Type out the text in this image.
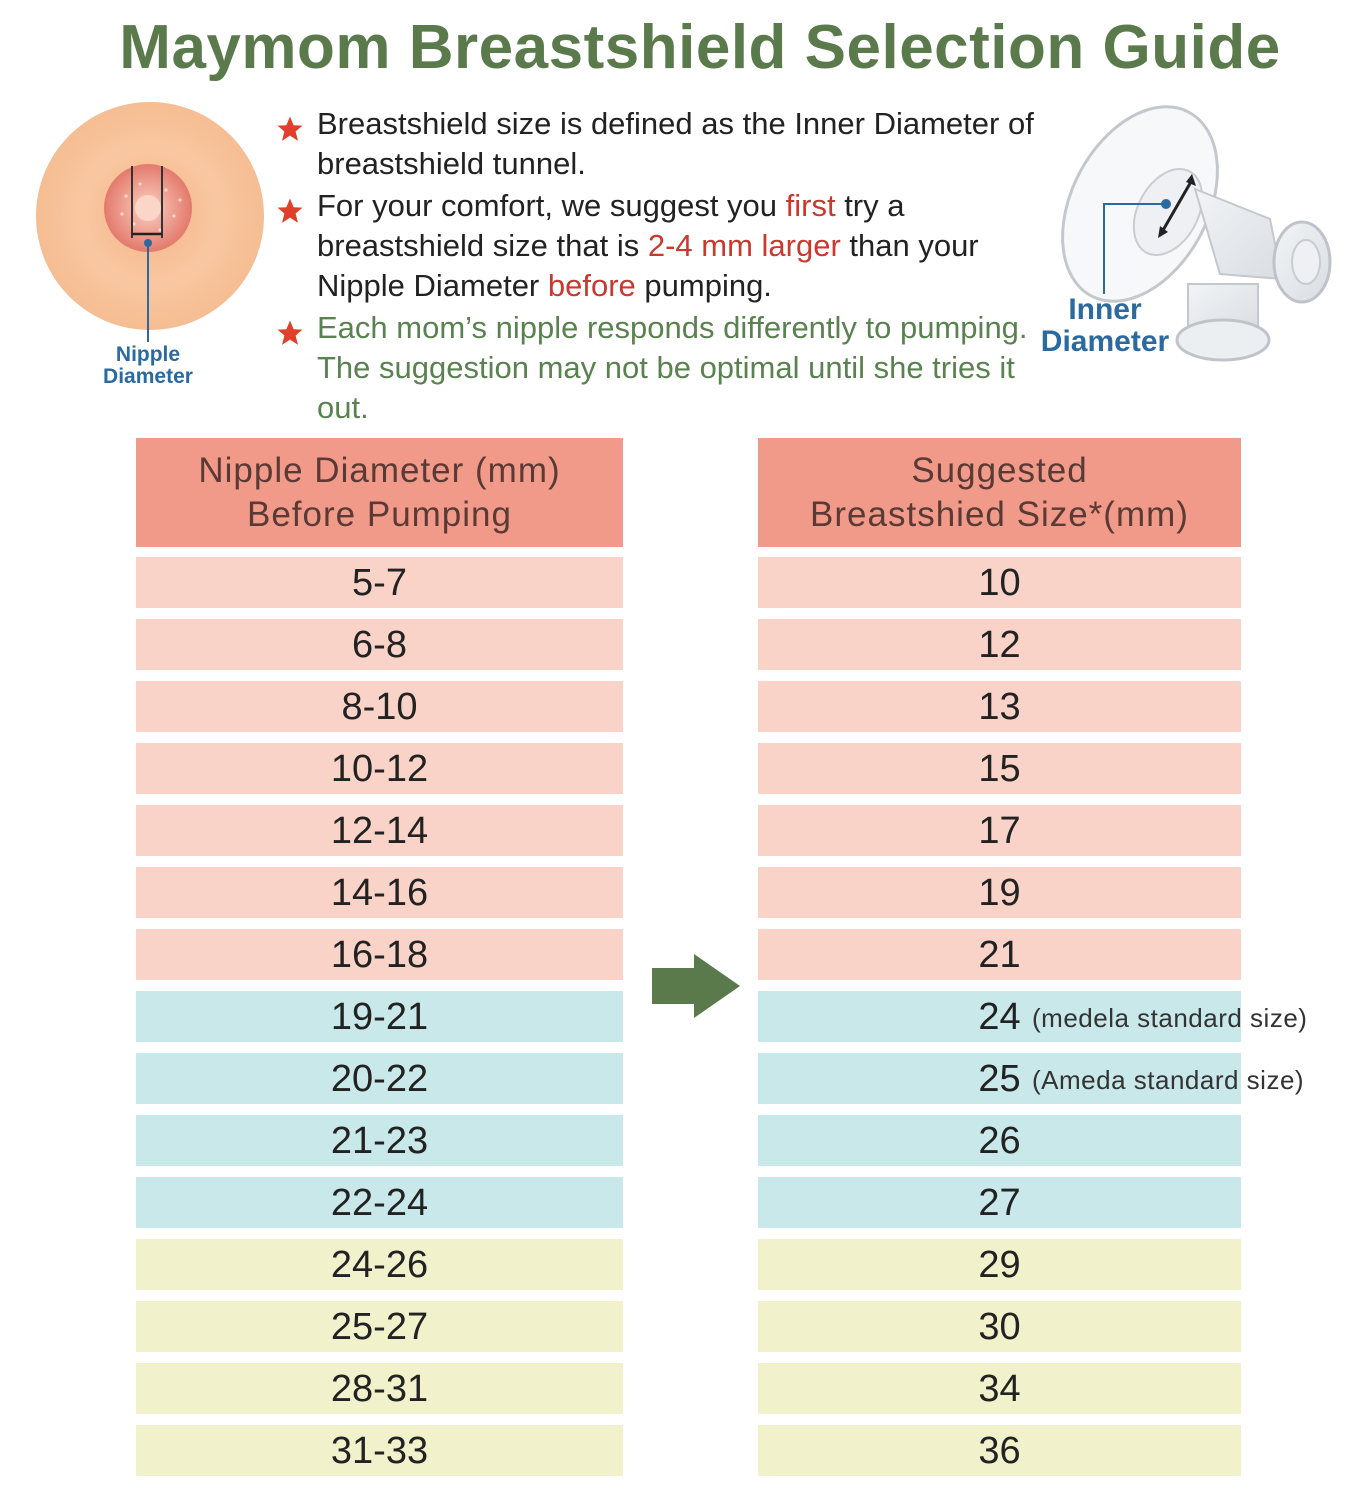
Maymom Breastshield Selection Guide
Nipple
Diameter
Breastshield size is defined as the Inner Diameter of breastshield tunnel.
For your comfort, we suggest you first try a breastshield size that is 2-4 mm larger than your Nipple Diameter before pumping.
Each mom’s nipple responds differently to pumping. The suggestion may not be optimal until she tries it out.
Inner
Diameter
Nipple Diameter (mm)
Before Pumping
5-7
6-8
8-10
10-12
12-14
14-16
16-18
19-21
20-22
21-23
22-24
24-26
25-27
28-31
31-33
Suggested
Breastshied Size*(mm)
10
12
13
15
17
19
21
24 (medela standard size)
25 (Ameda standard size)
26
27
29
30
34
36
